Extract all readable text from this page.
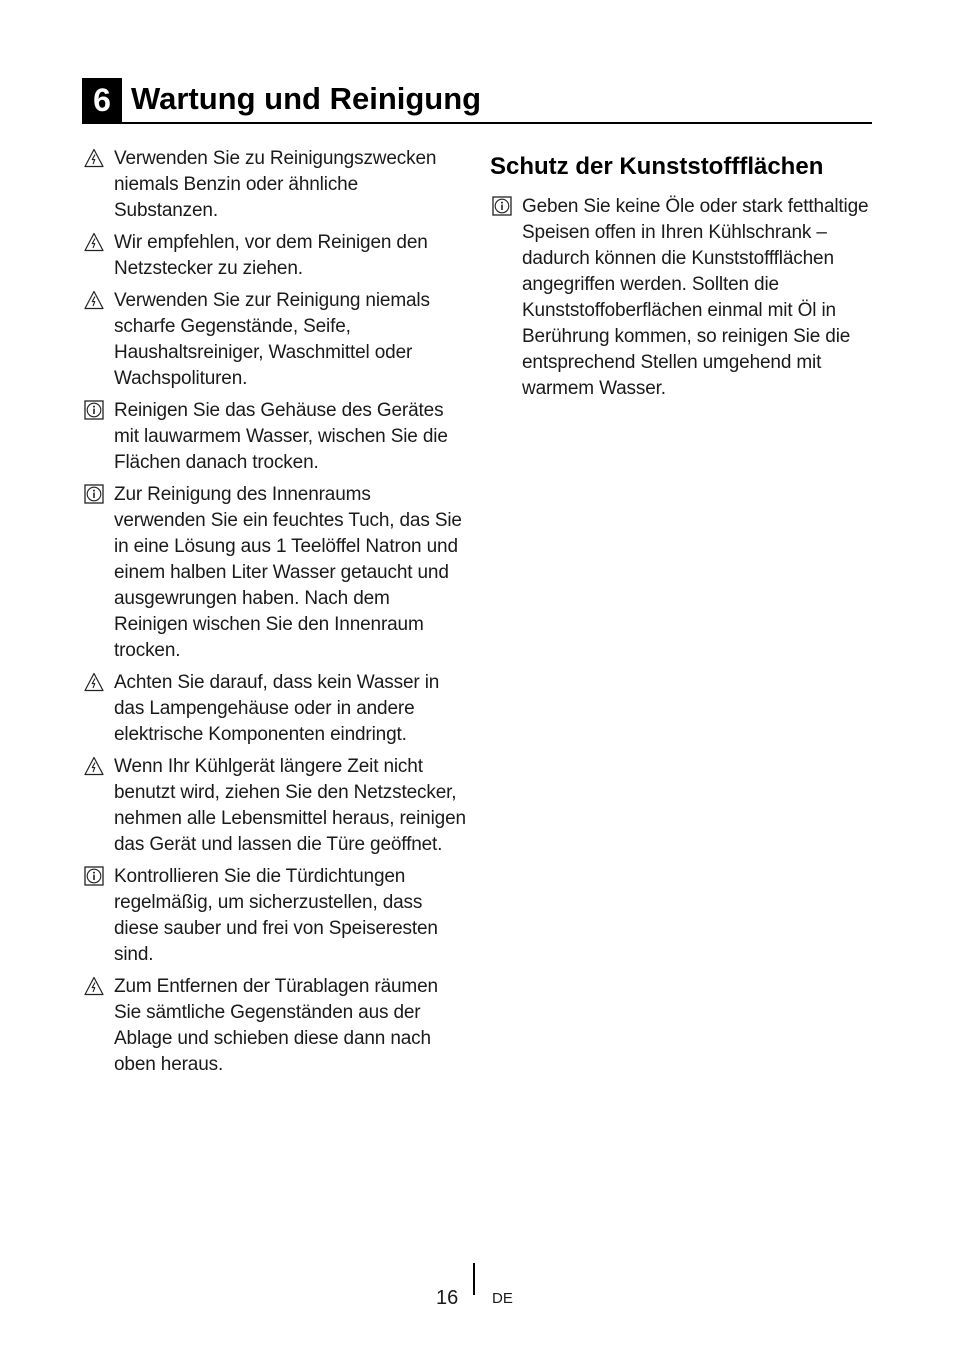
6 Wartung und Reinigung
Verwenden Sie zu Reinigungszwecken niemals Benzin oder ähnliche Substanzen.
Wir empfehlen, vor dem Reinigen den Netzstecker zu ziehen.
Verwenden Sie zur Reinigung niemals scharfe Gegenstände, Seife, Haushaltsreiniger, Waschmittel oder Wachspolituren.
Reinigen Sie das Gehäuse des Gerätes mit lauwarmem Wasser, wischen Sie die Flächen danach trocken.
Zur Reinigung des Innenraums verwenden Sie ein feuchtes Tuch, das Sie in eine Lösung aus 1 Teelöffel Natron und einem halben Liter Wasser getaucht und ausgewrungen haben. Nach dem Reinigen wischen Sie den Innenraum trocken.
Achten Sie darauf, dass kein Wasser in das Lampengehäuse oder in andere elektrische Komponenten eindringt.
Wenn Ihr Kühlgerät längere Zeit nicht benutzt wird, ziehen Sie den Netzstecker, nehmen alle Lebensmittel heraus, reinigen das Gerät und lassen die Türe geöffnet.
Kontrollieren Sie die Türdichtungen regelmäßig, um sicherzustellen, dass diese sauber und frei von Speiseresten sind.
Zum Entfernen der Türablagen räumen Sie sämtliche Gegenständen aus der Ablage und schieben diese dann nach oben heraus.
Schutz der Kunststoffflächen
Geben Sie keine Öle oder stark fetthaltige Speisen offen in Ihren Kühlschrank – dadurch können die Kunststoffflächen angegriffen werden. Sollten die Kunststoffoberflächen einmal mit Öl in Berührung kommen, so reinigen Sie die entsprechend Stellen umgehend mit warmem Wasser.
16 DE
